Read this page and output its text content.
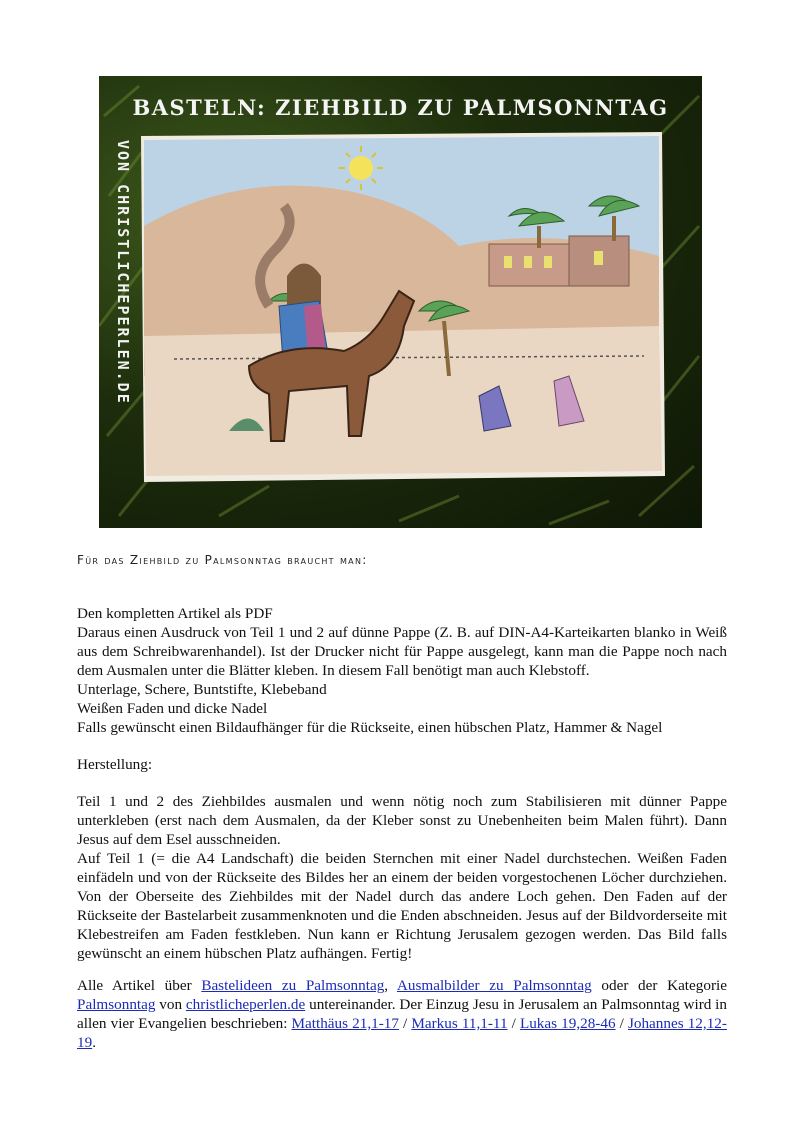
BASTELN: ZIEHBILD ZU PALMSONNTAG
VON CHRISTLICHEPERLEN.DE
Für das Ziehbild zu Palmsonntag braucht man:

Den kompletten Artikel als PDF

Daraus einen Ausdruck von Teil 1 und 2 auf dünne Pappe (Z. B. auf DIN-A4-Karteikarten blanko in Weiß aus dem Schreibwarenhandel). Ist der Drucker nicht für Pappe ausgelegt, kann man die Pappe noch nach dem Ausmalen unter die Blätter kleben. In diesem Fall benötigt man auch Klebstoff.

Unterlage, Schere, Buntstifte, Klebeband

Weißen Faden und dicke Nadel

Falls gewünscht einen Bildaufhänger für die Rückseite, einen hübschen Platz, Hammer & Nagel

Herstellung:

Teil 1 und 2 des Ziehbildes ausmalen und wenn nötig noch zum Stabilisieren mit dünner Pappe unterkleben (erst nach dem Ausmalen, da der Kleber sonst zu Unebenheiten beim Malen führt). Dann Jesus auf dem Esel ausschneiden.

Auf Teil 1 (= die A4 Landschaft) die beiden Sternchen mit einer Nadel durchstechen. Weißen Faden einfädeln und von der Rückseite des Bildes her an einem der beiden vorgestochenen Löcher durchziehen. Von der Oberseite des Ziehbildes mit der Nadel durch das andere Loch gehen. Den Faden auf der Rückseite der Bastelarbeit zusammenknoten und die Enden abschneiden. Jesus auf der Bildvorderseite mit Klebestreifen am Faden festkleben. Nun kann er Richtung Jerusalem gezogen werden. Das Bild falls gewünscht an einem hübschen Platz aufhängen. Fertig!

Alle Artikel über Bastelideen zu Palmsonntag, Ausmalbilder zu Palmsonntag oder der Kategorie Palmsonntag von christlicheperlen.de untereinander. Der Einzug Jesu in Jerusalem an Palmsonntag wird in allen vier Evangelien beschrieben: Matthäus 21,1-17 / Markus 11,1-11 / Lukas 19,28-46 / Johannes 12,12-19.
